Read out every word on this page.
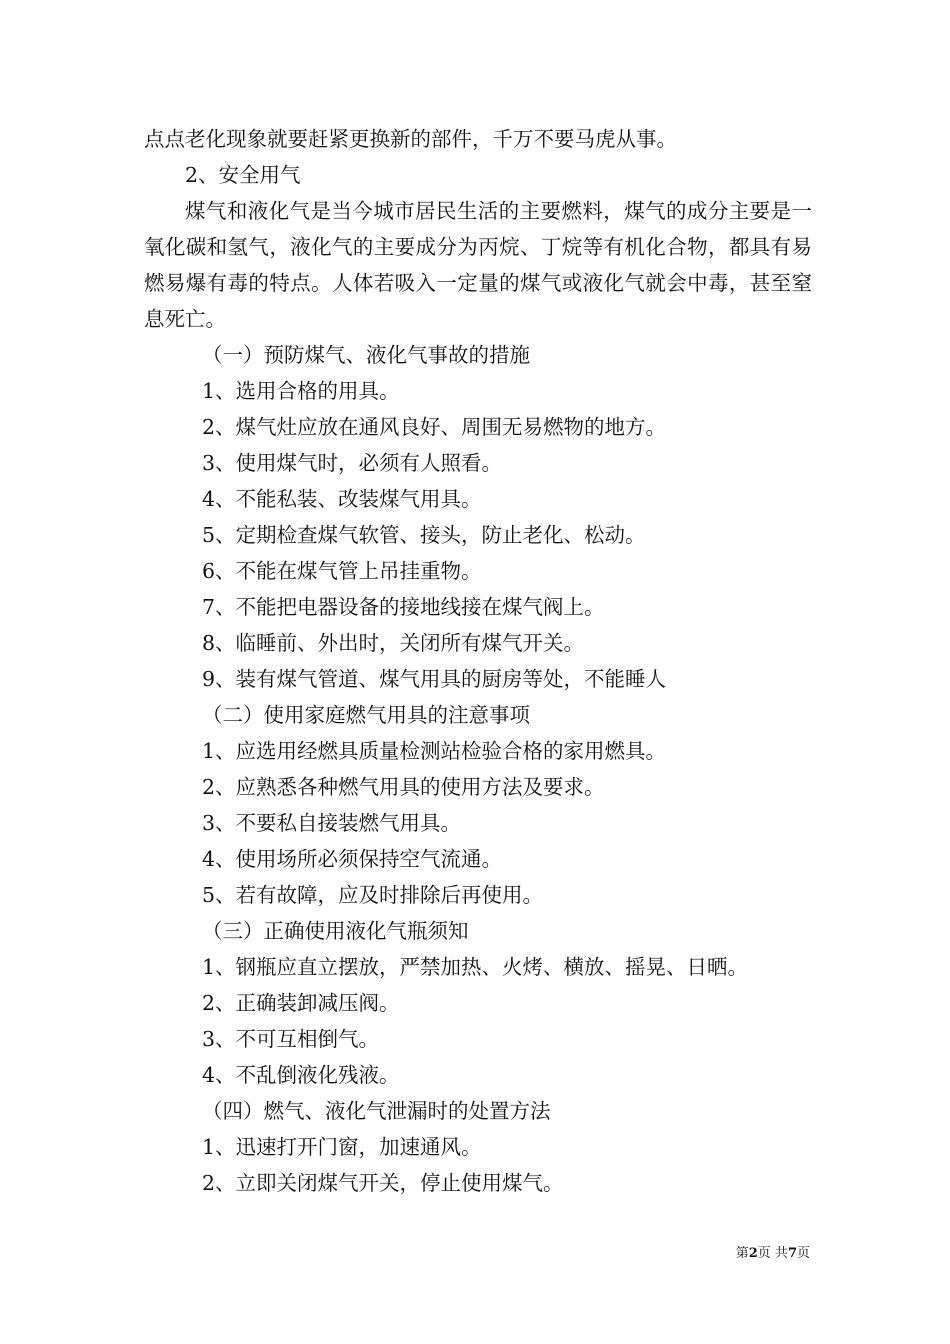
点点老化现象就要赶紧更换新的部件，千万不要马虎从事。
2、安全用气
煤气和液化气是当今城市居民生活的主要燃料，煤气的成分主要是一氧化碳和氢气，液化气的主要成分为丙烷、丁烷等有机化合物，都具有易燃易爆有毒的特点。人体若吸入一定量的煤气或液化气就会中毒，甚至窒息死亡。
（一）预防煤气、液化气事故的措施
1、选用合格的用具。
2、煤气灶应放在通风良好、周围无易燃物的地方。
3、使用煤气时，必须有人照看。
4、不能私装、改装煤气用具。
5、定期检查煤气软管、接头，防止老化、松动。
6、不能在煤气管上吊挂重物。
7、不能把电器设备的接地线接在煤气阀上。
8、临睡前、外出时，关闭所有煤气开关。
9、装有煤气管道、煤气用具的厨房等处，不能睡人
（二）使用家庭燃气用具的注意事项
1、应选用经燃具质量检测站检验合格的家用燃具。
2、应熟悉各种燃气用具的使用方法及要求。
3、不要私自接装燃气用具。
4、使用场所必须保持空气流通。
5、若有故障，应及时排除后再使用。
（三）正确使用液化气瓶须知
1、钢瓶应直立摆放，严禁加热、火烤、横放、摇晃、日晒。
2、正确装卸减压阀。
3、不可互相倒气。
4、不乱倒液化残液。
（四）燃气、液化气泄漏时的处置方法
1、迅速打开门窗，加速通风。
2、立即关闭煤气开关，停止使用煤气。
第2页 共7页
